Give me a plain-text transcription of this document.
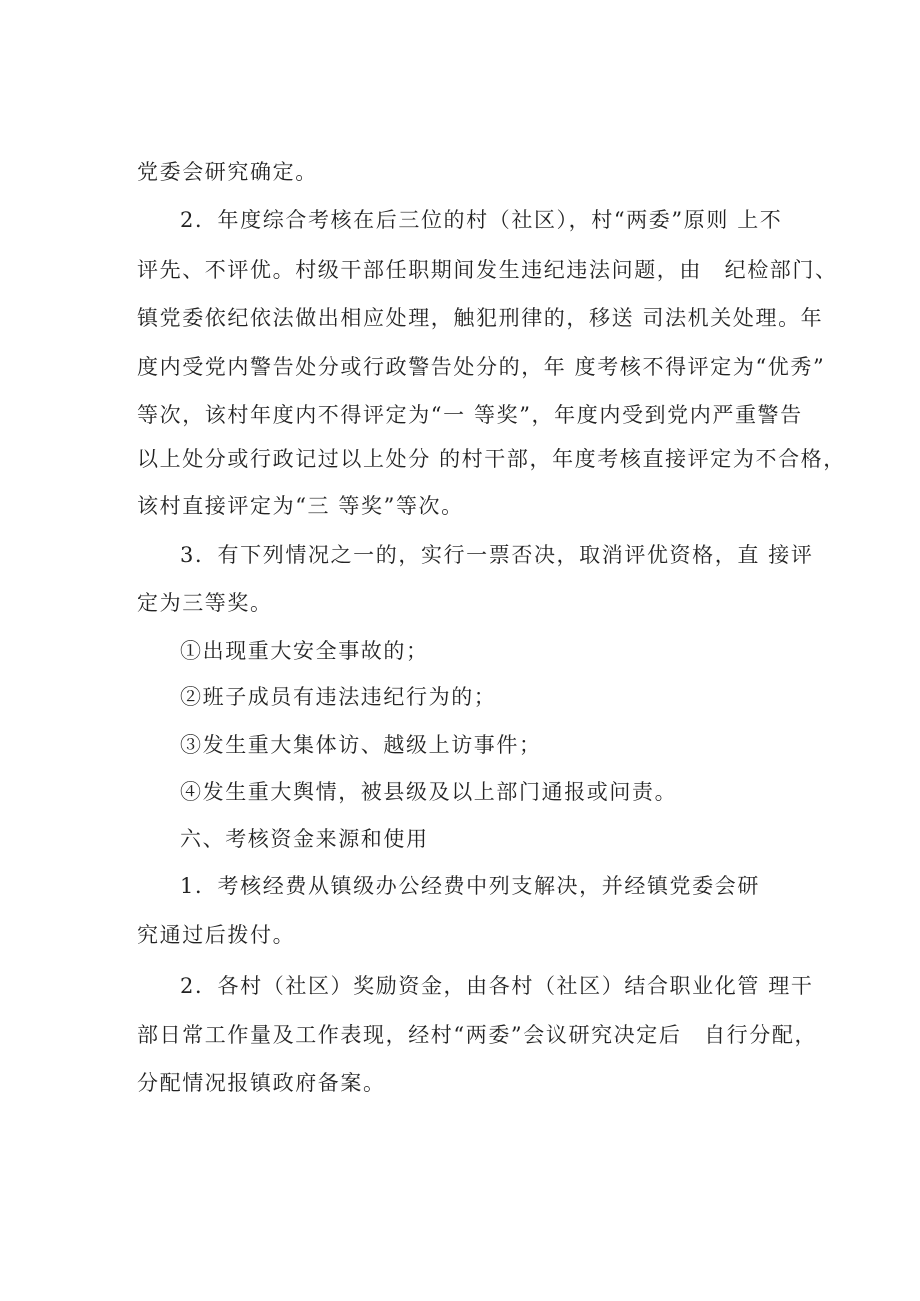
党委会研究确定。
2．年度综合考核在后三位的村（社区），村“两委”原则 上不
评先、不评优。村级干部任职期间发生违纪违法问题，由　纪检部门、
镇党委依纪依法做出相应处理，触犯刑律的，移送 司法机关处理。年
度内受党内警告处分或行政警告处分的，年 度考核不得评定为“优秀”
等次，该村年度内不得评定为“一 等奖”，年度内受到党内严重警告
以上处分或行政记过以上处分 的村干部，年度考核直接评定为不合格，
该村直接评定为“三 等奖”等次。
3．有下列情况之一的，实行一票否决，取消评优资格，直 接评
定为三等奖。
①出现重大安全事故的；
②班子成员有违法违纪行为的；
③发生重大集体访、越级上访事件；
④发生重大舆情，被县级及以上部门通报或问责。
六、考核资金来源和使用
1．考核经费从镇级办公经费中列支解决，并经镇党委会研
究通过后拨付。
2．各村（社区）奖励资金，由各村（社区）结合职业化管 理干
部日常工作量及工作表现，经村“两委”会议研究决定后　自行分配，
分配情况报镇政府备案。
